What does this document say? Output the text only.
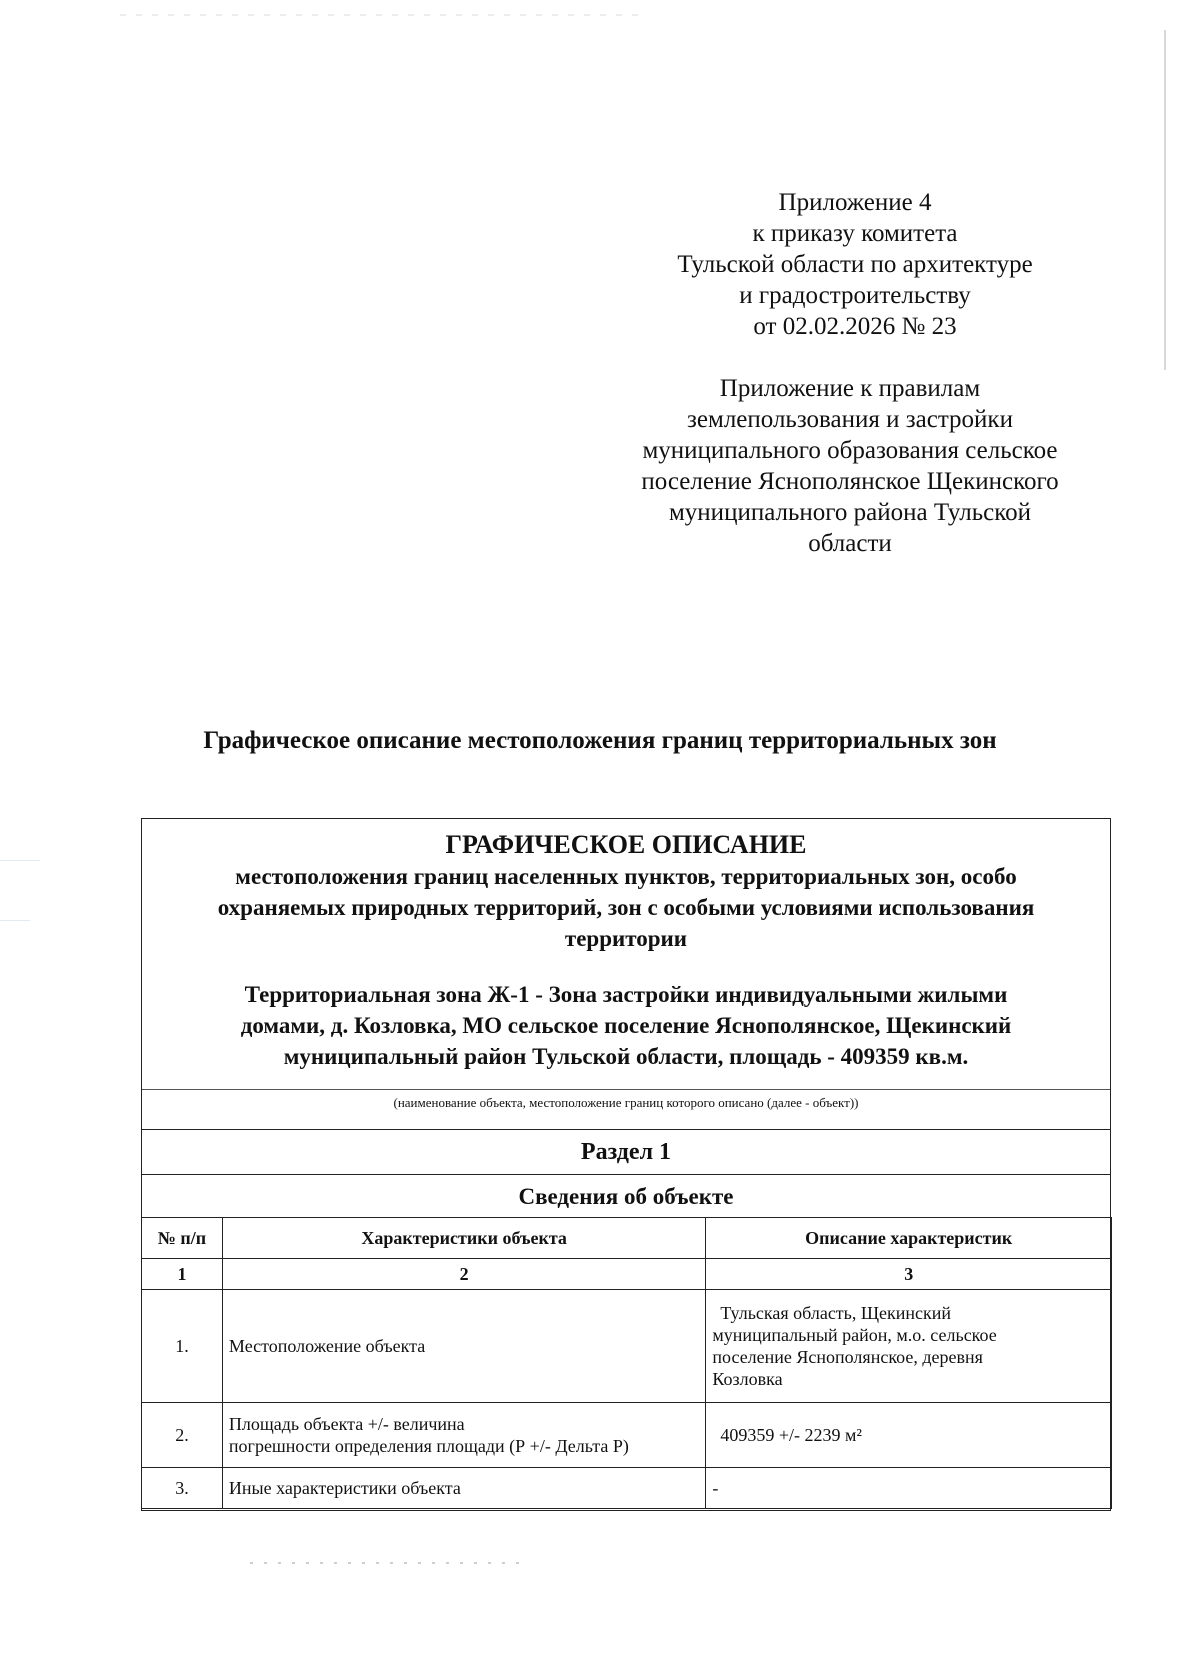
Приложение 4
к приказу комитета
Тульской области по архитектуре
и градостроительству
от 02.02.2026 № 23
Приложение к правилам
землепользования и застройки
муниципального образования сельское
поселение Яснополянское Щекинского
муниципального района Тульской
области
Графическое описание местоположения границ территориальных зон
ГРАФИЧЕСКОЕ ОПИСАНИЕ
местоположения границ населенных пунктов, территориальных зон, особо
охраняемых природных территорий, зон с особыми условиями использования
территории
Территориальная зона Ж-1 - Зона застройки индивидуальными жилыми
домами, д. Козловка, МО сельское поселение Яснополянское, Щекинский
муниципальный район Тульской области, площадь - 409359 кв.м.
(наименование объекта, местоположение границ которого описано (далее - объект))
Раздел 1
Сведения об объекте
№ п/п	Характеристики объекта	Описание характеристик
1	2	3
1.	Местоположение объекта	Тульская область, Щекинский
муниципальный район, м.о. сельское
поселение Яснополянское, деревня
Козловка

2.	Площадь объекта +/- величина
погрешности определения площади (Р +/- Дельта Р)	409359 +/- 2239 м²

3.	Иные характеристики объекта	-
